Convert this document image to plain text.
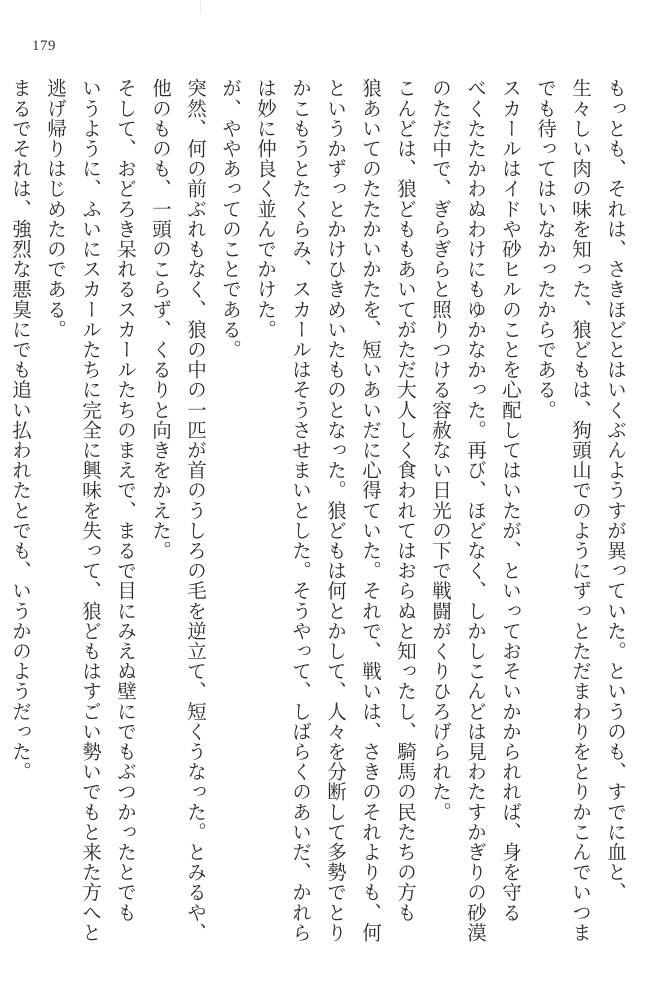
179
もっとも、それは、さきほどとはいくぶんようすが異っていた。というのも、すでに血と、
生々しい肉の味を知った、狼どもは、狗頭山でのようにずっとただまわりをとりかこんでいつま
でも待ってはいなかったからである。
スカールはイドや砂ヒルのことを心配してはいたが、といっておそいかかられれば、身を守る
べくたたかわぬわけにもゆかなかった。再び、ほどなく、しかしこんどは見わたすかぎりの砂漠
のただ中で、ぎらぎらと照りつける容赦ない日光の下で戦闘がくりひろげられた。
こんどは、狼どももあいてがただ大人しく食われてはおらぬと知ったし、騎馬の民たちの方も
狼あいてのたたかいかたを、短いあいだに心得ていた。それで、戦いは、さきのそれよりも、何
というかずっとかけひきめいたものとなった。狼どもは何とかして、人々を分断して多勢でとり
かこもうとたくらみ、スカールはそうさせまいとした。そうやって、しばらくのあいだ、かれら
は妙に仲良く並んでかけた。
が、ややあってのことである。
突然、何の前ぶれもなく、狼の中の一匹が首のうしろの毛を逆立て、短くうなった。とみるや、
他のものも、一頭のこらず、くるりと向きをかえた。
そして、おどろき呆れるスカールたちのまえで、まるで目にみえぬ壁にでもぶつかったとでも
いうように、ふいにスカールたちに完全に興味を失って、狼どもはすごい勢いでもと来た方へと
逃げ帰りはじめたのである。
まるでそれは、強烈な悪臭にでも追い払われたとでも、いうかのようだった。
